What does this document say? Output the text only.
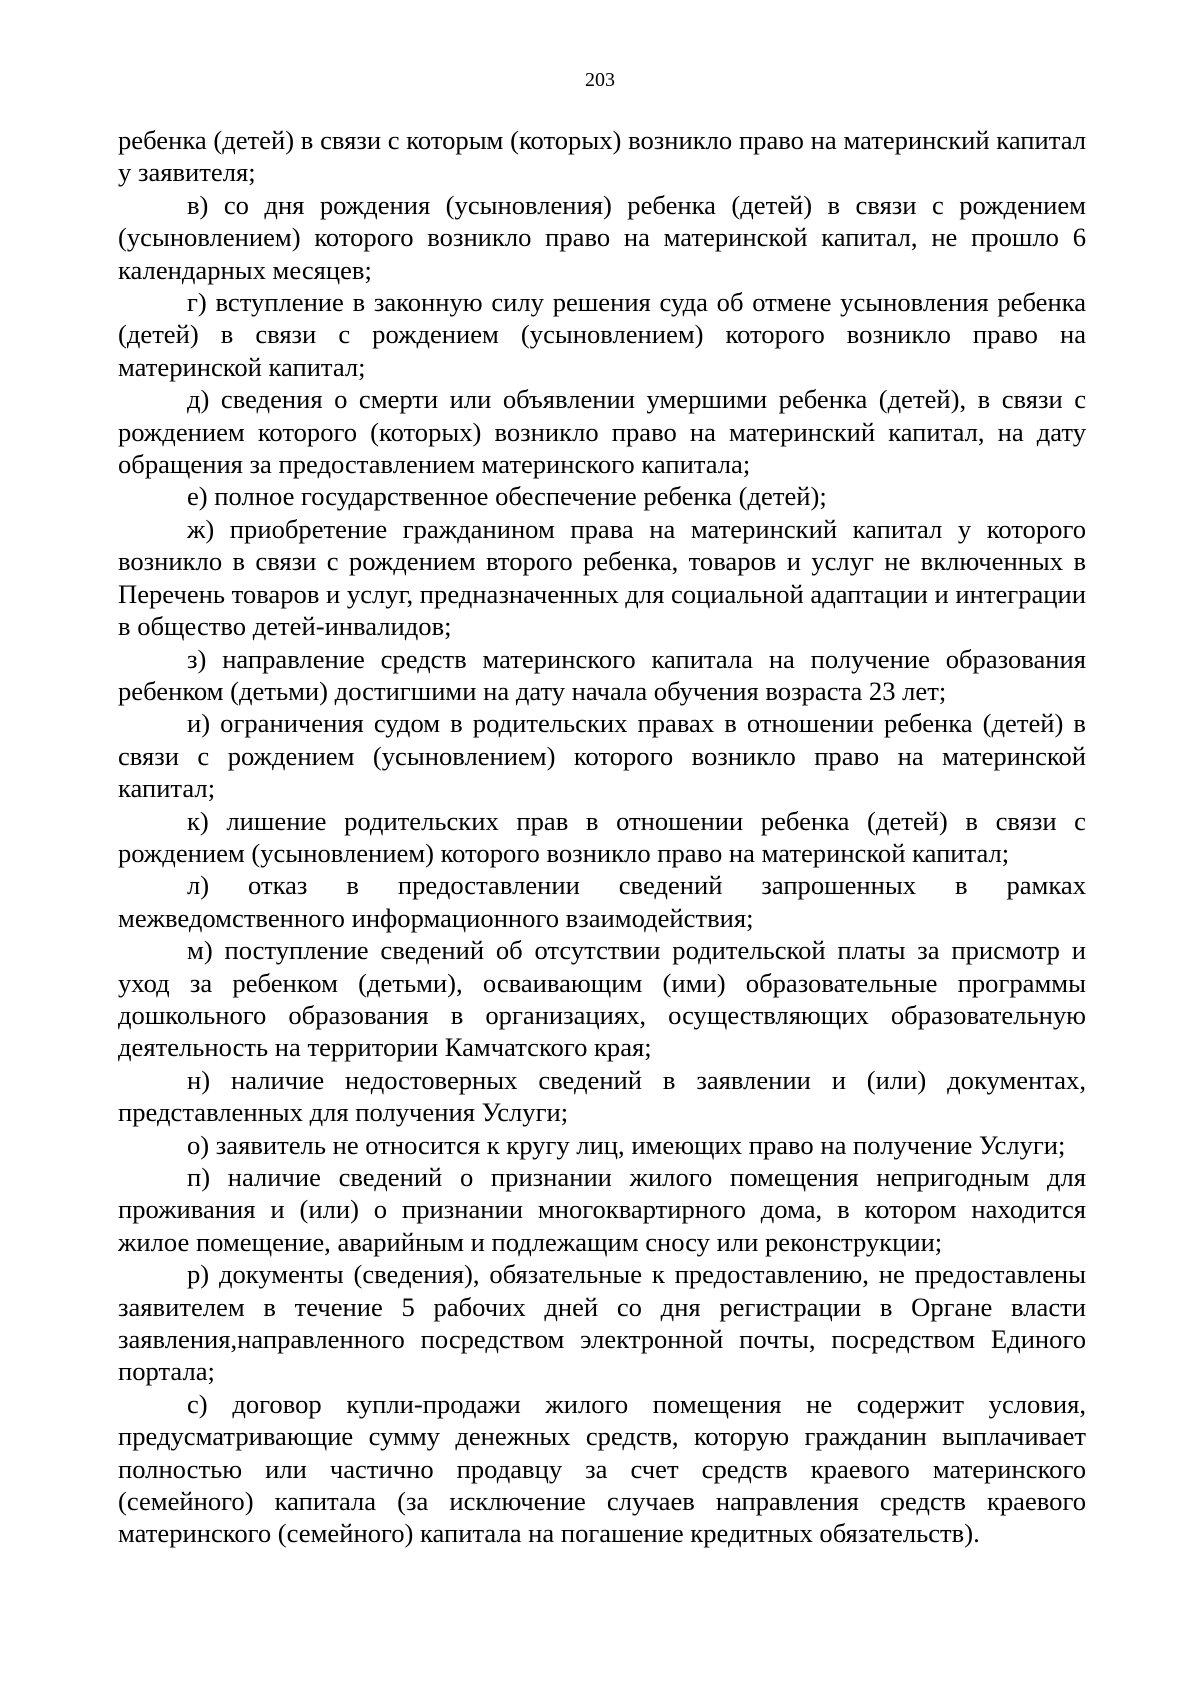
203

ребенка (детей) в связи с которым (которых) возникло право на материнский капитал у заявителя;

в) со дня рождения (усыновления) ребенка (детей) в связи с рождением (усыновлением) которого возникло право на материнской капитал, не прошло 6 календарных месяцев;

г) вступление в законную силу решения суда об отмене усыновления ребенка (детей) в связи с рождением (усыновлением) которого возникло право на материнской капитал;

д) сведения о смерти или объявлении умершими ребенка (детей), в связи с рождением которого (которых) возникло право на материнский капитал, на дату обращения за предоставлением материнского капитала;

е) полное государственное обеспечение ребенка (детей);

ж) приобретение гражданином права на материнский капитал у которого возникло в связи с рождением второго ребенка, товаров и услуг не включенных в Перечень товаров и услуг, предназначенных для социальной адаптации и интеграции в общество детей-инвалидов;

з) направление средств материнского капитала на получение образования ребенком (детьми) достигшими на дату начала обучения возраста 23 лет;

и) ограничения судом в родительских правах в отношении ребенка (детей) в связи с рождением (усыновлением) которого возникло право на материнской капитал;

к) лишение родительских прав в отношении ребенка (детей) в связи с рождением (усыновлением) которого возникло право на материнской капитал;

л) отказ в предоставлении сведений запрошенных в рамках межведомственного информационного взаимодействия;

м) поступление сведений об отсутствии родительской платы за присмотр и уход за ребенком (детьми), осваивающим (ими) образовательные программы дошкольного образования в организациях, осуществляющих образовательную деятельность на территории Камчатского края;

н) наличие недостоверных сведений в заявлении и (или) документах, представленных для получения Услуги;

о) заявитель не относится к кругу лиц, имеющих право на получение Услуги;

п) наличие сведений о признании жилого помещения непригодным для проживания и (или) о признании многоквартирного дома, в котором находится жилое помещение, аварийным и подлежащим сносу или реконструкции;

р) документы (сведения), обязательные к предоставлению, не предоставлены заявителем в течение 5 рабочих дней со дня регистрации в Органе власти заявления,направленного посредством электронной почты, посредством Единого портала;

с) договор купли-продажи жилого помещения не содержит условия, предусматривающие сумму денежных средств, которую гражданин выплачивает полностью или частично продавцу за счет средств краевого материнского (семейного) капитала (за исключение случаев направления средств краевого материнского (семейного) капитала на погашение кредитных обязательств).
